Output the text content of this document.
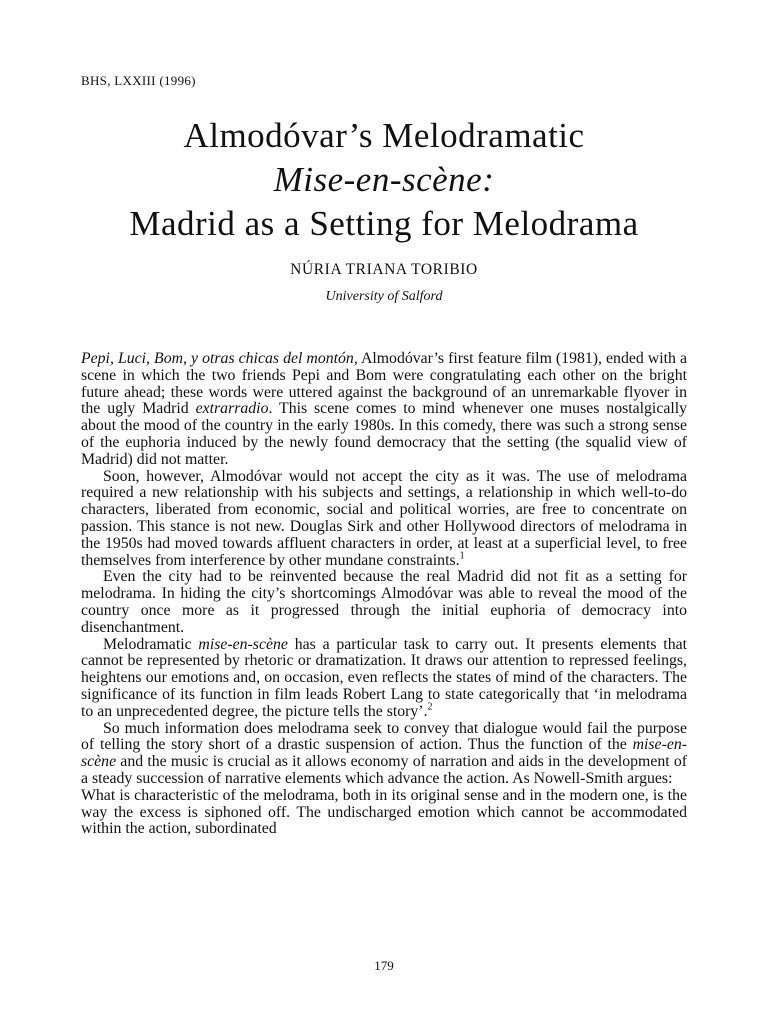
BHS, LXXIII (1996)
Almodóvar’s Melodramatic
Mise-en-scène:
Madrid as a Setting for Melodrama
NÚRIA TRIANA TORIBIO
University of Salford

Pepi, Luci, Bom, y otras chicas del montón, Almodóvar’s first feature film (1981), ended with a scene in which the two friends Pepi and Bom were congratulating each other on the bright future ahead; these words were uttered against the background of an unremarkable flyover in the ugly Madrid extrarradio. This scene comes to mind whenever one muses nostalgically about the mood of the country in the early 1980s. In this comedy, there was such a strong sense of the euphoria induced by the newly found democracy that the setting (the squalid view of Madrid) did not matter.

Soon, however, Almodóvar would not accept the city as it was. The use of melodrama required a new relationship with his subjects and settings, a relationship in which well-to-do characters, liberated from economic, social and political worries, are free to concentrate on passion. This stance is not new. Douglas Sirk and other Hollywood directors of melodrama in the 1950s had moved towards affluent characters in order, at least at a superficial level, to free themselves from interference by other mundane constraints.$^1$

Even the city had to be reinvented because the real Madrid did not fit as a setting for melodrama. In hiding the city’s shortcomings Almodóvar was able to reveal the mood of the country once more as it progressed through the initial euphoria of democracy into disenchantment.

Melodramatic mise-en-scène has a particular task to carry out. It presents elements that cannot be represented by rhetoric or dramatization. It draws our attention to repressed feelings, heightens our emotions and, on occasion, even reflects the states of mind of the characters. The significance of its function in film leads Robert Lang to state categorically that ‘in melodrama to an unprecedented degree, the picture tells the story’.$^2$

So much information does melodrama seek to convey that dialogue would fail the purpose of telling the story short of a drastic suspension of action. Thus the function of the mise-en-scène and the music is crucial as it allows economy of narration and aids in the development of a steady succession of narrative elements which advance the action. As Nowell-Smith argues:

What is characteristic of the melodrama, both in its original sense and in the modern one, is the way the excess is siphoned off. The undischarged emotion which cannot be accommodated within the action, subordinated

179
